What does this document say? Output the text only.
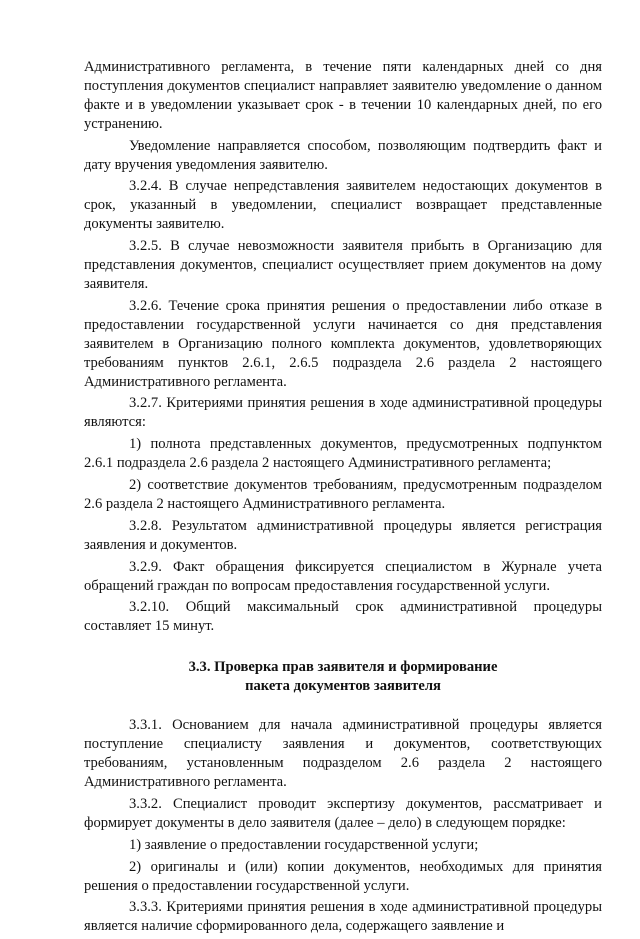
Административного регламента, в течение пяти календарных дней со дня поступления документов специалист направляет заявителю уведомление о данном факте и в уведомлении указывает срок - в течении 10 календарных дней, по его устранению.

Уведомление направляется способом, позволяющим подтвердить факт и дату вручения уведомления заявителю.

3.2.4. В случае непредставления заявителем недостающих документов в срок, указанный в уведомлении, специалист возвращает представленные документы заявителю.

3.2.5. В случае невозможности заявителя прибыть в Организацию для представления документов, специалист осуществляет прием документов на дому заявителя.

3.2.6. Течение срока принятия решения о предоставлении либо отказе в предоставлении государственной услуги начинается со дня представления заявителем в Организацию полного комплекта документов, удовлетворяющих требованиям пунктов 2.6.1, 2.6.5 подраздела 2.6 раздела 2 настоящего Административного регламента.

3.2.7. Критериями принятия решения в ходе административной процедуры являются:

1) полнота представленных документов, предусмотренных подпунктом 2.6.1 подраздела 2.6 раздела 2 настоящего Административного регламента;

2) соответствие документов требованиям, предусмотренным подразделом 2.6 раздела 2 настоящего Административного регламента.

3.2.8. Результатом административной процедуры является регистрация заявления и документов.

3.2.9. Факт обращения фиксируется специалистом в Журнале учета обращений граждан по вопросам предоставления государственной услуги.

3.2.10. Общий максимальный срок административной процедуры составляет 15 минут.

3.3. Проверка прав заявителя и формирование
пакета документов заявителя

3.3.1. Основанием для начала административной процедуры является поступление специалисту заявления и документов, соответствующих требованиям, установленным подразделом 2.6 раздела 2 настоящего Административного регламента.

3.3.2. Специалист проводит экспертизу документов, рассматривает и формирует документы в дело заявителя (далее – дело) в следующем порядке:

1) заявление о предоставлении государственной услуги;

2) оригиналы и (или) копии документов, необходимых для принятия решения о предоставлении государственной услуги.

3.3.3. Критериями принятия решения в ходе административной процедуры является наличие сформированного дела, содержащего заявление и
